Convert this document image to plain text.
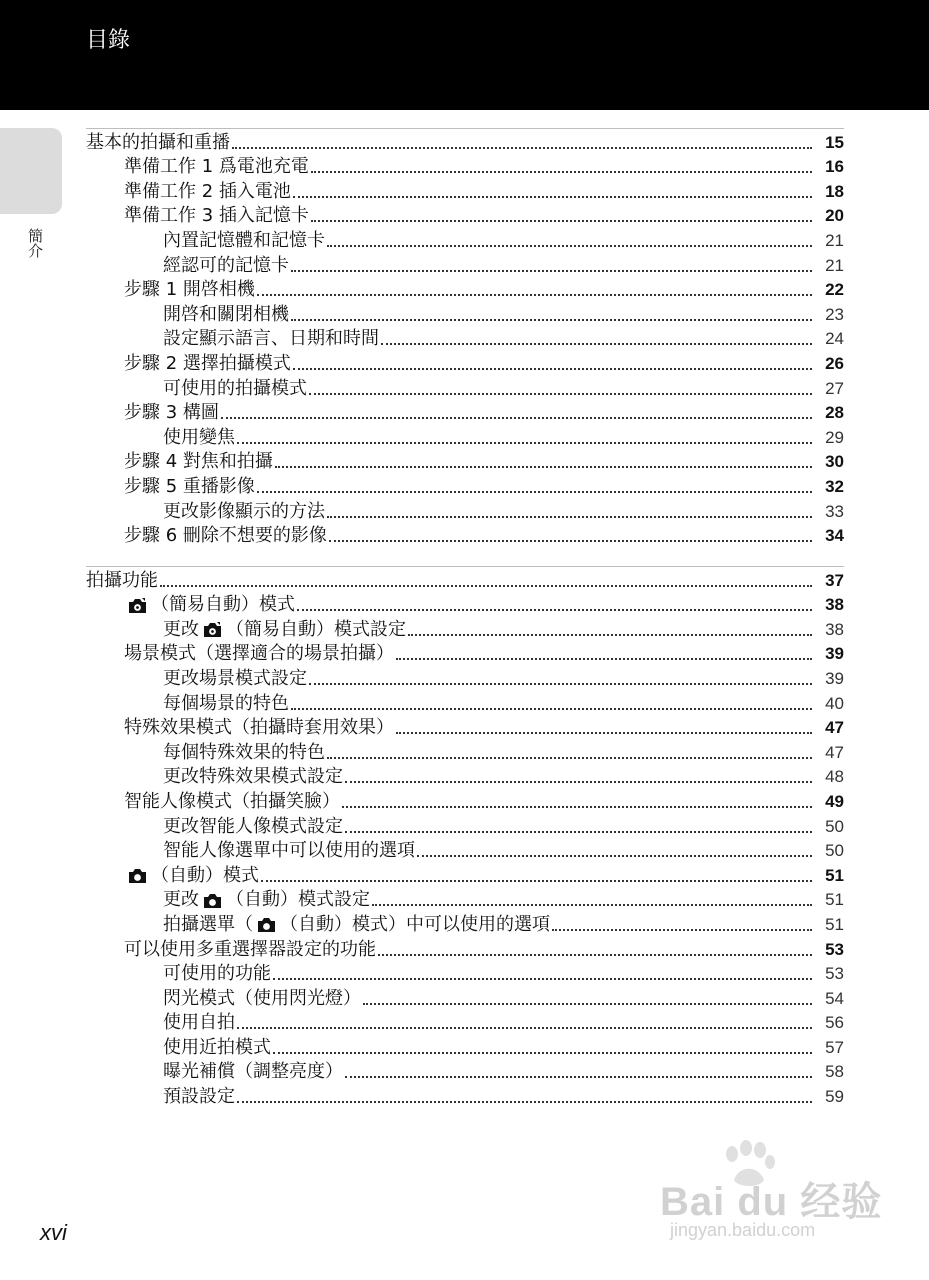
目錄
簡介
基本的拍攝和重播	15
準備工作 1 爲電池充電	16
準備工作 2 插入電池	18
準備工作 3 插入記憶卡	20
內置記憶體和記憶卡	21
經認可的記憶卡	21
步驟 1 開啓相機	22
開啓和關閉相機	23
設定顯示語言、日期和時間	24
步驟 2 選擇拍攝模式	26
可使用的拍攝模式	27
步驟 3 構圖	28
使用變焦	29
步驟 4 對焦和拍攝	30
步驟 5 重播影像	32
更改影像顯示的方法	33
步驟 6 刪除不想要的影像	34
拍攝功能	37
（簡易自動）模式	38
更改 （簡易自動）模式設定	38
場景模式（選擇適合的場景拍攝）	39
更改場景模式設定	39
每個場景的特色	40
特殊效果模式（拍攝時套用效果）	47
每個特殊效果的特色	47
更改特殊效果模式設定	48
智能人像模式（拍攝笑臉）	49
更改智能人像模式設定	50
智能人像選單中可以使用的選項	50
（自動）模式	51
更改 （自動）模式設定	51
拍攝選單（ （自動）模式）中可以使用的選項	51
可以使用多重選擇器設定的功能	53
可使用的功能	53
閃光模式（使用閃光燈）	54
使用自拍	56
使用近拍模式	57
曝光補償（調整亮度）	58
預設設定	59
xvi
Bai du 经验
jingyan.baidu.com
